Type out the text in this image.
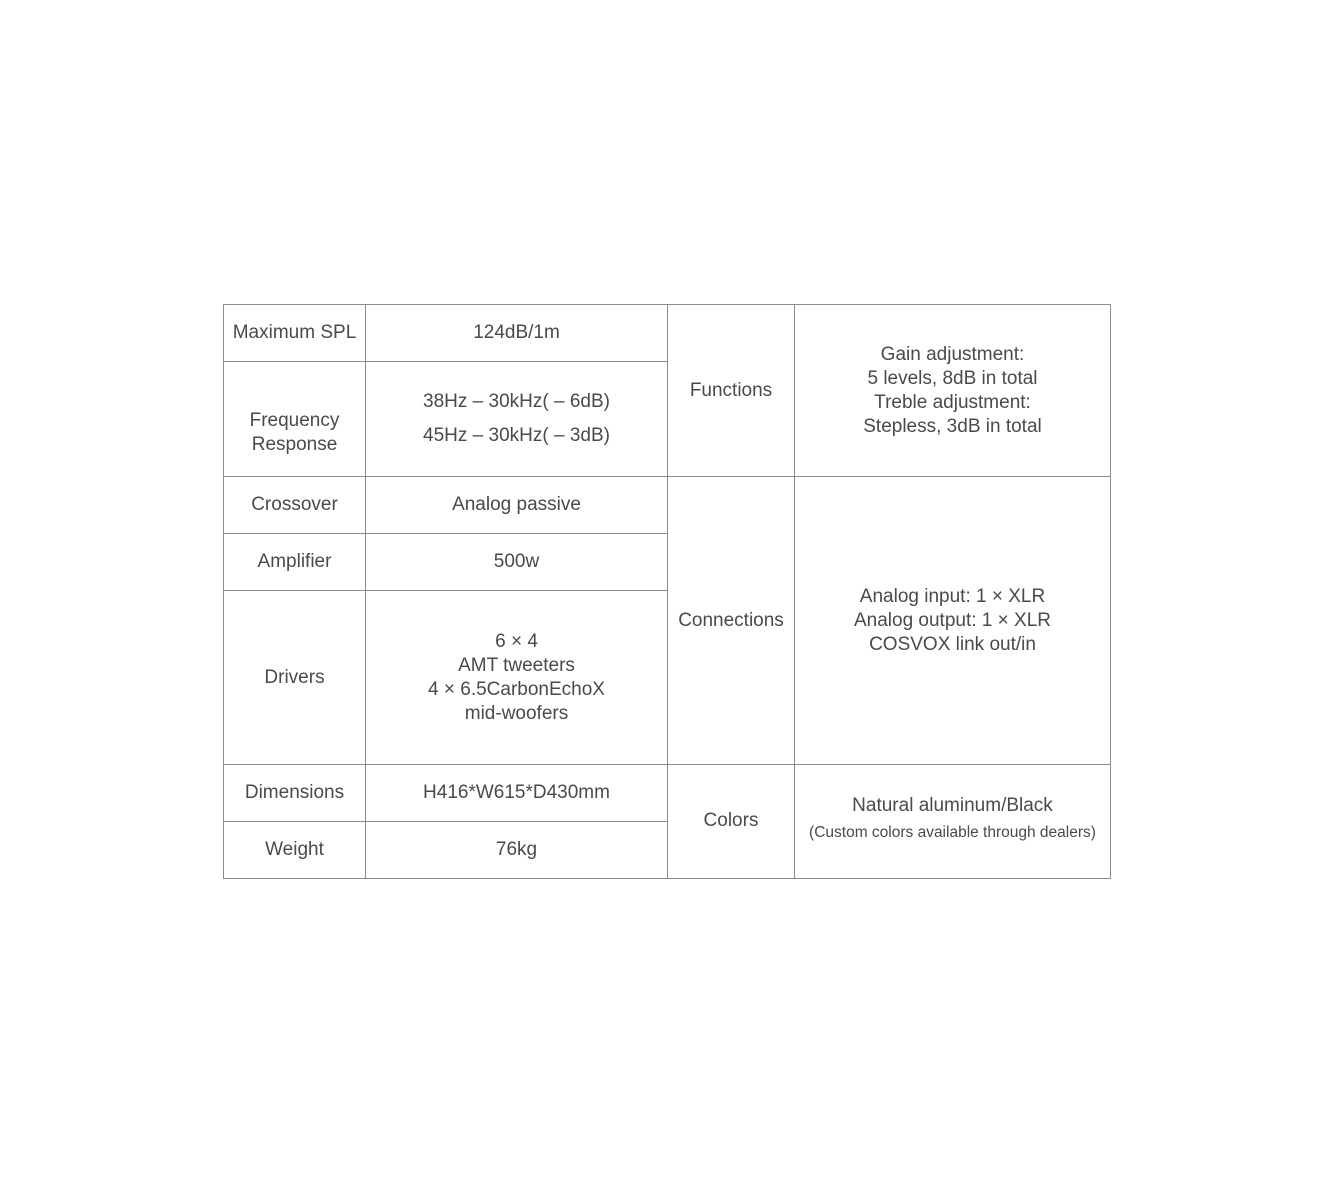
Maximum SPL	124dB/1m	Functions	Gain adjustment:
5 levels, 8dB in total
Treble adjustment:
Stepless, 3dB in total

Frequency
Response	38Hz – 30kHz( – 6dB)
45Hz – 30kHz( – 3dB)		

Crossover	Analog passive	Connections	Analog input: 1 × XLR
Analog output: 1 × XLR
COSVOX link out/in

Amplifier	500w		
Drivers	6 × 4
AMT tweeters
4 × 6.5CarbonEchoX
mid-woofers		

Dimensions	H416*W615*D430mm	Colors	Natural aluminum/Black
(Custom colors available through dealers)

Weight	76kg		
